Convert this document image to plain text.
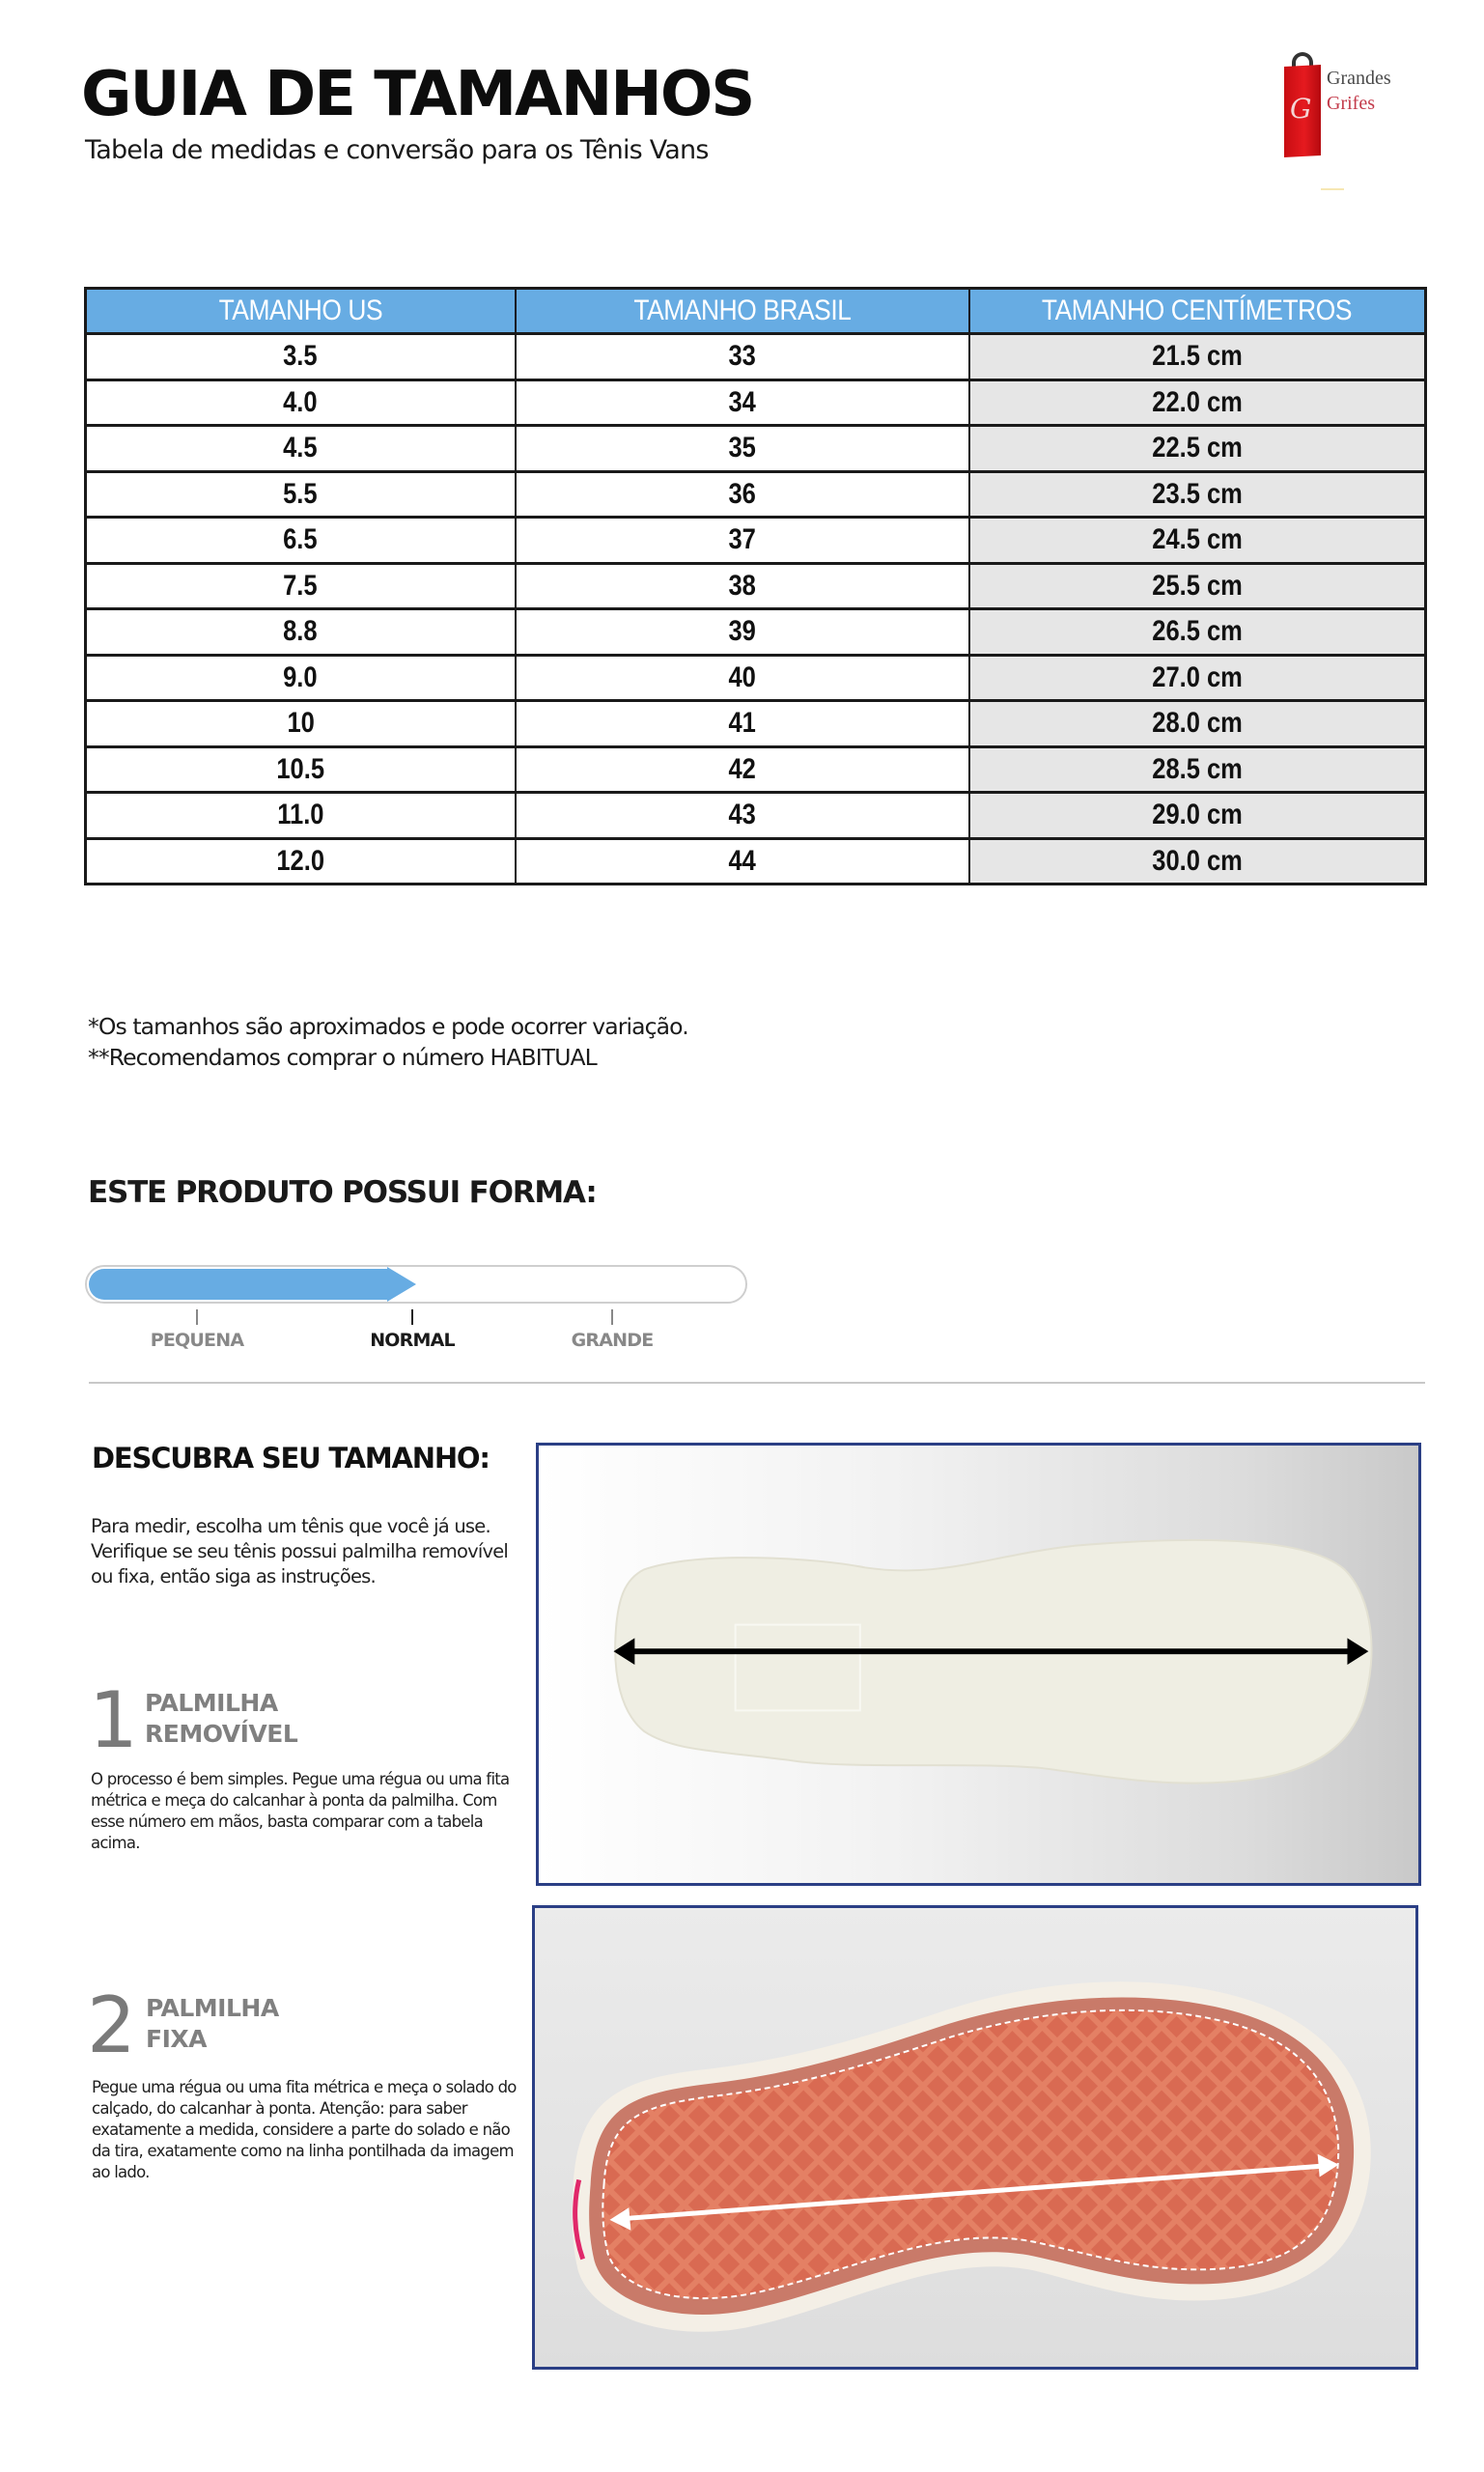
GUIA DE TAMANHOS
Tabela de medidas e conversão para os Tênis Vans
G
Grandes
Grifes
TAMANHO US	TAMANHO BRASIL	TAMANHO CENTÍMETROS
3.5	33	21.5 cm
4.0	34	22.0 cm
4.5	35	22.5 cm
5.5	36	23.5 cm
6.5	37	24.5 cm
7.5	38	25.5 cm
8.8	39	26.5 cm
9.0	40	27.0 cm
10	41	28.0 cm
10.5	42	28.5 cm
11.0	43	29.0 cm
12.0	44	30.0 cm
*Os tamanhos são aproximados e pode ocorrer variação.
**Recomendamos comprar o número HABITUAL
ESTE PRODUTO POSSUI FORMA:
PEQUENA	NORMAL	GRANDE
DESCUBRA SEU TAMANHO:
Para medir, escolha um tênis que você já use. Verifique se seu tênis possui palmilha removível ou fixa, então siga as instruções.
1 PALMILHA
REMOVÍVEL
O processo é bem simples. Pegue uma régua ou uma fita métrica e meça do calcanhar à ponta da palmilha. Com esse número em mãos, basta comparar com a tabela acima.
2 PALMILHA
FIXA
Pegue uma régua ou uma fita métrica e meça o solado do calçado, do calcanhar à ponta. Atenção: para saber exatamente a medida, considere a parte do solado e não da tira, exatamente como na linha pontilhada da imagem ao lado.
